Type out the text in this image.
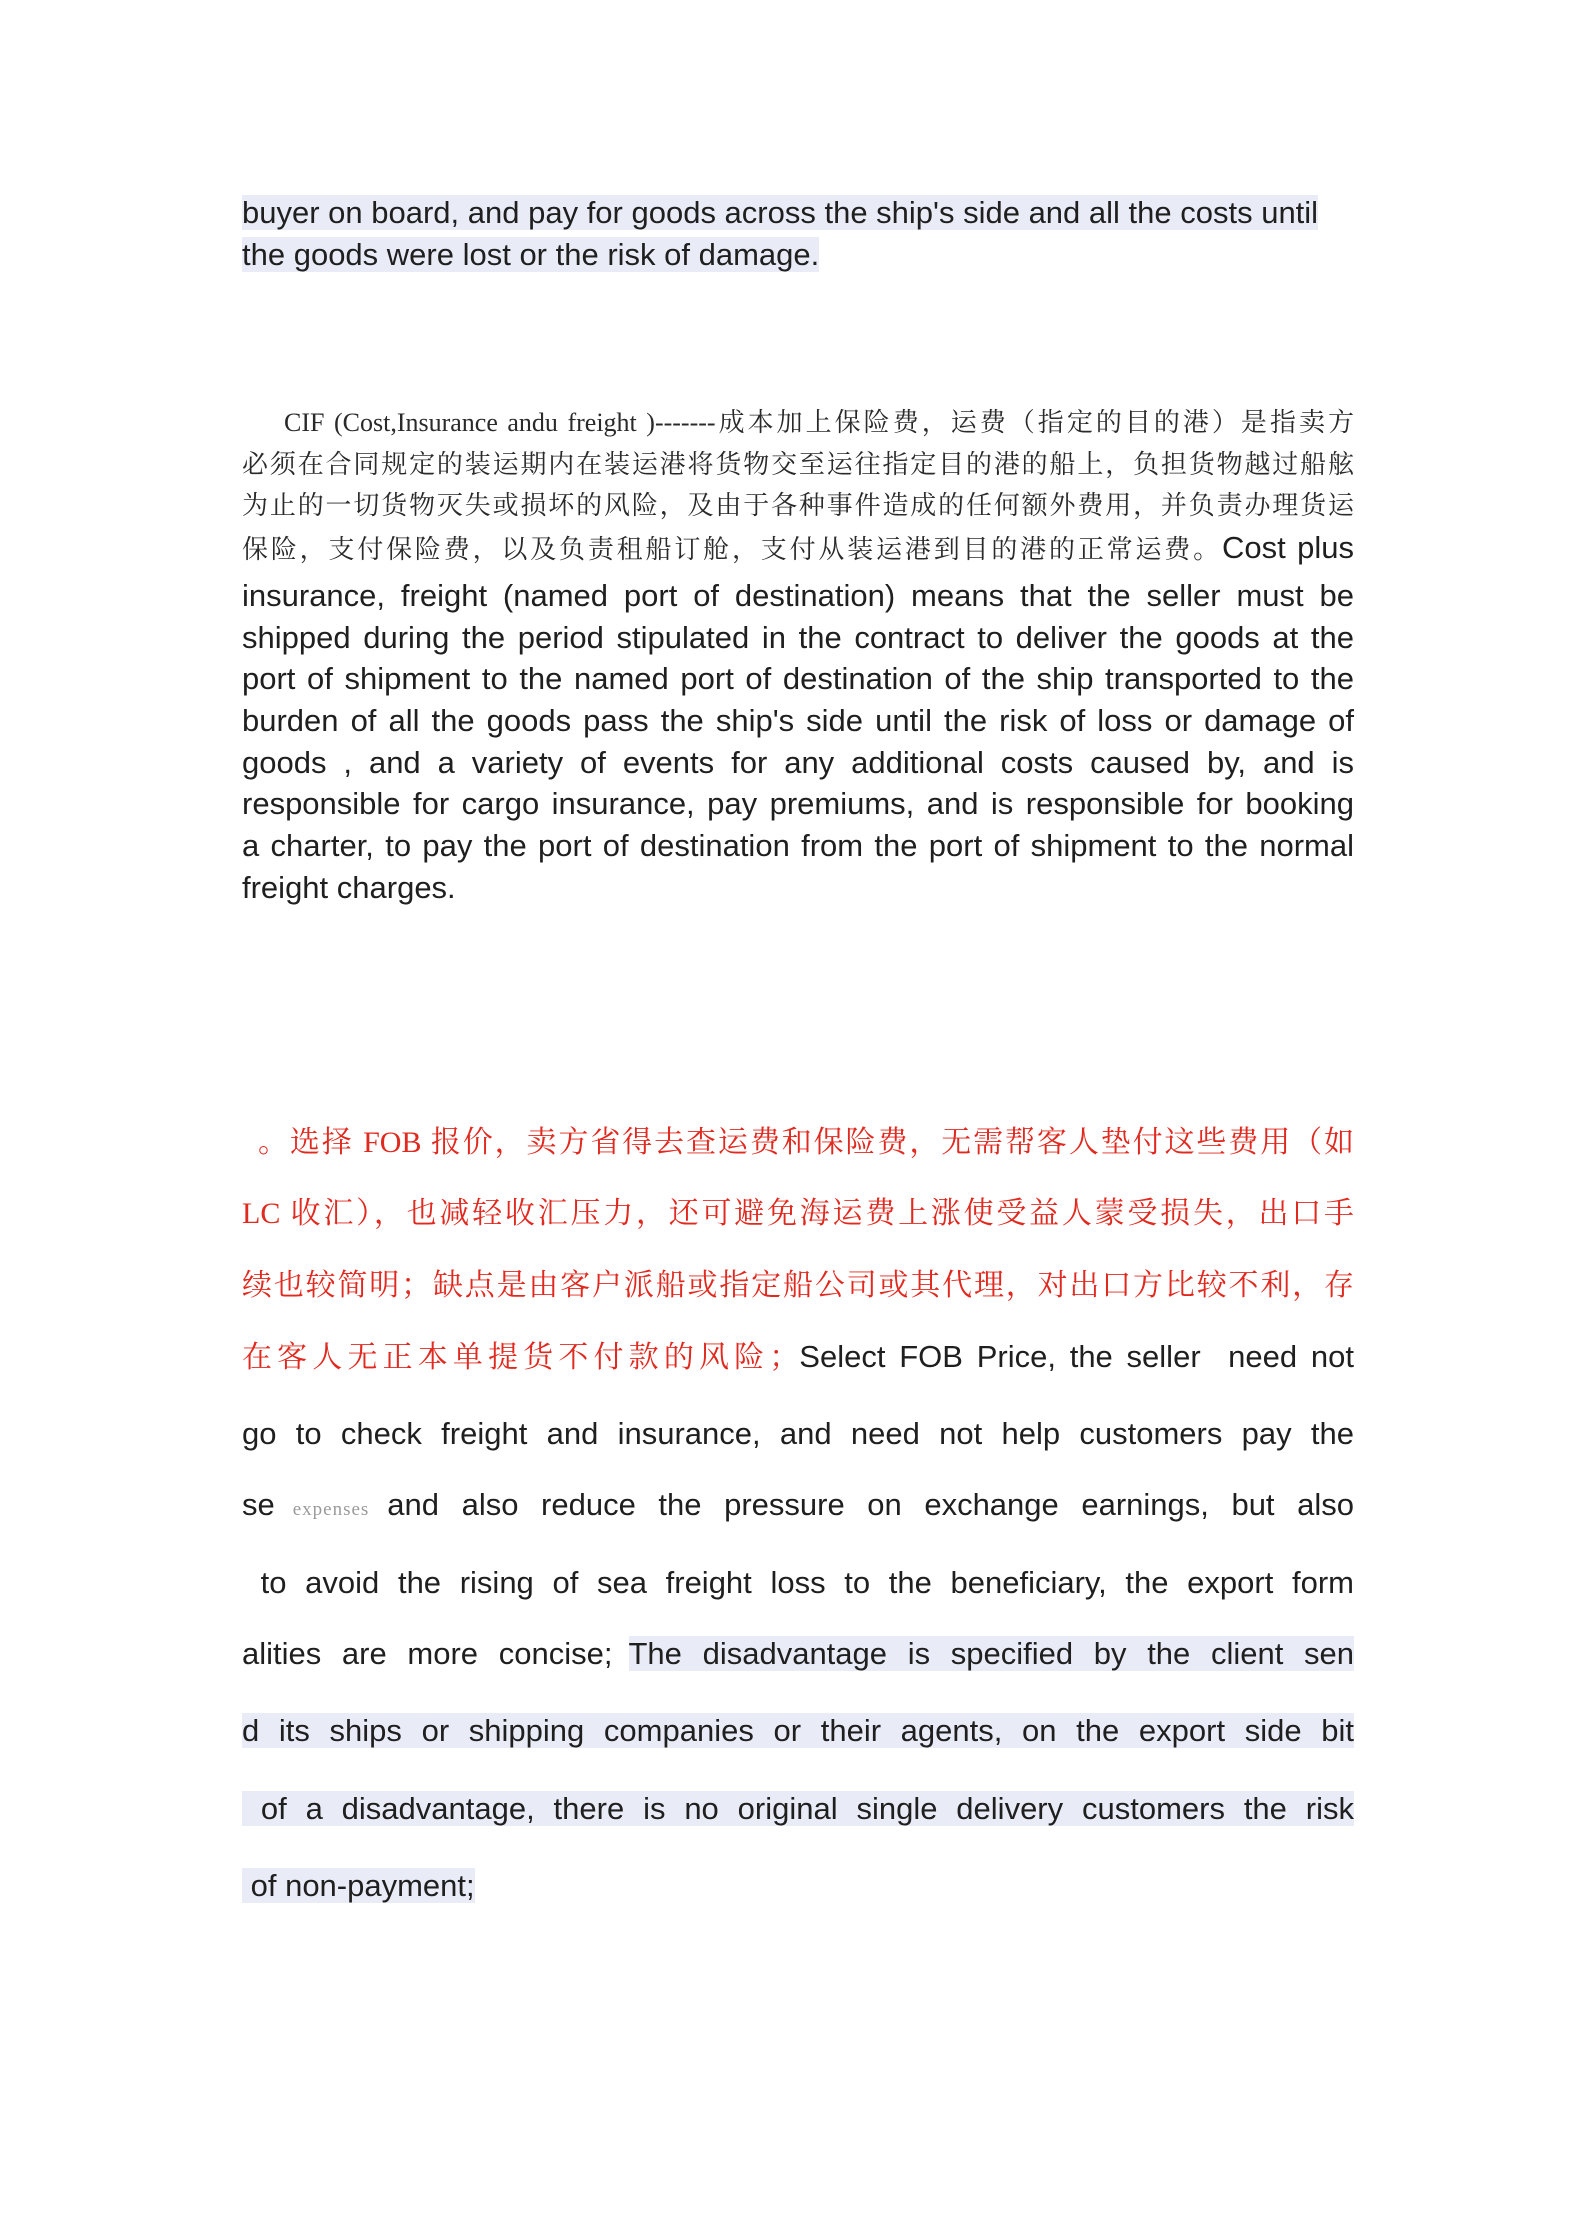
buyer on board, and pay for goods across the ship's side and all the costs until
the goods were lost or the risk of damage.
CIF (Cost,Insurance andu freight )-------成本加上保险费，运费（指定的目的港）是指卖方
必须在合同规定的装运期内在装运港将货物交至运往指定目的港的船上，负担货物越过船舷
为止的一切货物灭失或损坏的风险，及由于各种事件造成的任何额外费用，并负责办理货运
保险，支付保险费，以及负责租船订舱，支付从装运港到目的港的正常运费。Cost plus
insurance, freight (named port of destination) means that the seller must be
shipped during the period stipulated in the contract to deliver the goods at the
port of shipment to the named port of destination of the ship transported to the
burden of all the goods pass the ship's side until the risk of loss or damage of
goods , and a variety of events for any additional costs caused by, and is
responsible for cargo insurance, pay premiums, and is responsible for booking
a charter, to pay the port of destination from the port of shipment to the normal
freight charges.
。选择 FOB 报价，卖方省得去查运费和保险费，无需帮客人垫付这些费用（如
LC 收汇），也减轻收汇压力，还可避免海运费上涨使受益人蒙受损失，出口手
续也较简明；缺点是由客户派船或指定船公司或其代理，对出口方比较不利，存
在客人无正本单提货不付款的风险；Select FOB Price, the seller  need not
go to check freight and insurance, and need not help customers pay the
se expenses and also reduce the pressure on exchange earnings, but also
to avoid the rising of sea freight loss to the beneficiary, the export form
alities are more concise; The disadvantage is specified by the client sen
d its ships or shipping companies or their agents, on the export side bit
of a disadvantage, there is no original single delivery customers the risk
of non-payment;
